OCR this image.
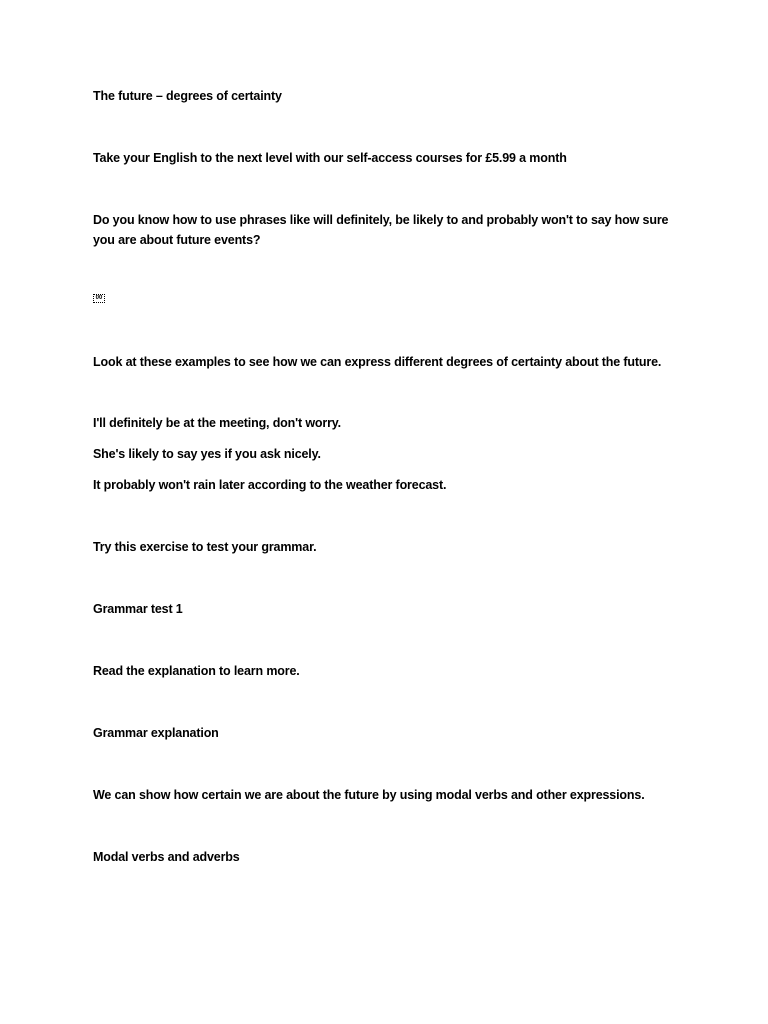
The future – degrees of certainty
Take your English to the next level with our self-access courses for £5.99 a month
Do you know how to use phrases like will definitely, be likely to and probably won't to say how sure you are about future events?
00
Look at these examples to see how we can express different degrees of certainty about the future.
I'll definitely be at the meeting, don't worry.
She's likely to say yes if you ask nicely.
It probably won't rain later according to the weather forecast.
Try this exercise to test your grammar.
Grammar test 1
Read the explanation to learn more.
Grammar explanation
We can show how certain we are about the future by using modal verbs and other expressions.
Modal verbs and adverbs
